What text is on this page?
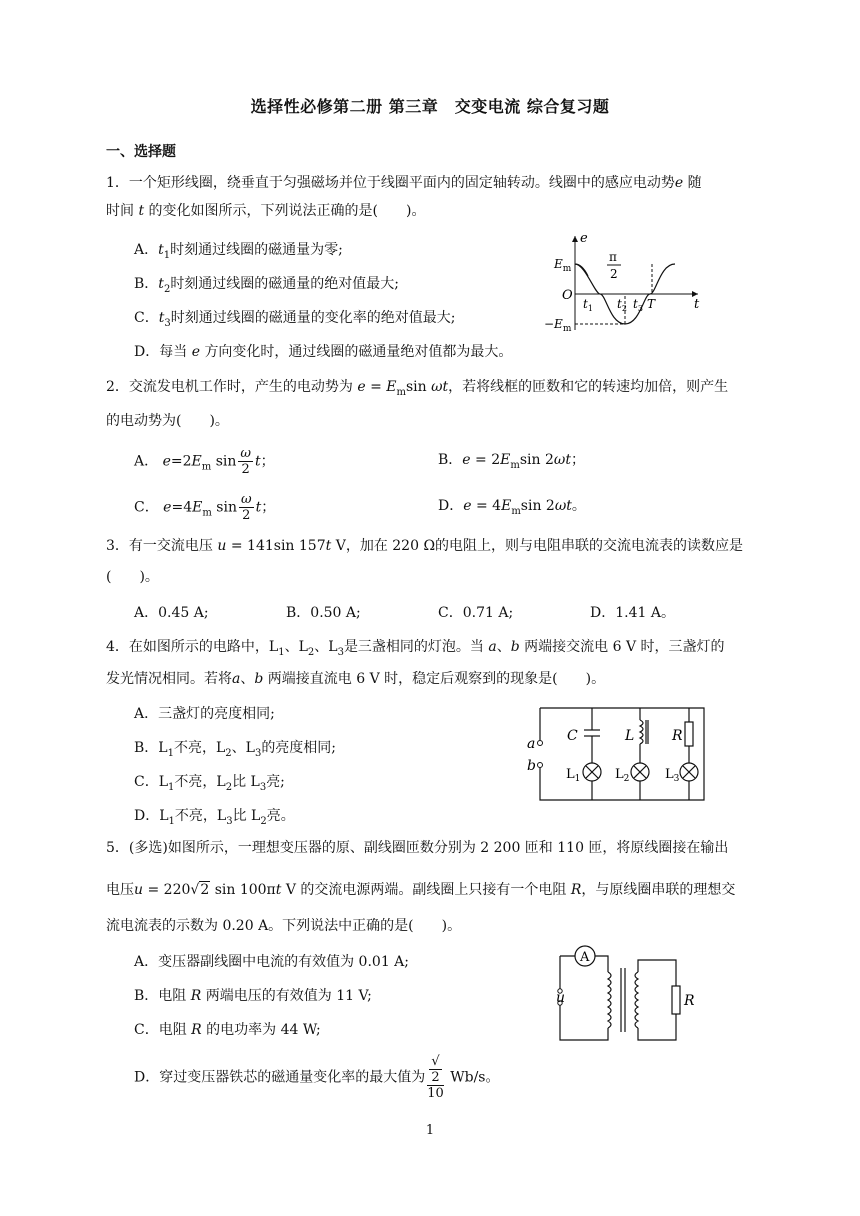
选择性必修第二册 第三章　交变电流 综合复习题
一、选择题
1．一个矩形线圈，绕垂直于匀强磁场并位于线圈平面内的固定轴转动。线圈中的感应电动势e 随
时间 t 的变化如图所示，下列说法正确的是(　　)。
A．$t_1$时刻通过线圈的磁通量为零;
B．$t_2$时刻通过线圈的磁通量的绝对值最大;
C．$t_3$时刻通过线圈的磁通量的变化率的绝对值最大;
D．每当 e 方向变化时，通过线圈的磁通量绝对值都为最大。
e
t
O
$E_m$
$-E_m$
π
2
$t_1$ $t_2$ $t_3$ T
2．交流发电机工作时，产生的电动势为 $e = E_m\sin$ ωt，若将线框的匝数和它的转速均加倍，则产生
的电动势为(　　)。
A． $e=2E_m$ $\sin \frac{\omega}{2}$ t；	B．$e = 2E_m\sin$ 2ωt；
C． $e=4E_m$ $\sin \frac{\omega}{2}$ t；	D．$e = 4E_m\sin$ 2ωt。
3．有一交流电压 u = 141sin 157t V，加在 220 Ω的电阻上，则与电阻串联的交流电流表的读数应是
(　　)。
A．0.45 A;	B．0.50 A;	C．0.71 A;	D．1.41 A。
4．在如图所示的电路中，$L_1$、$L_2$、$L_3$是三盏相同的灯泡。当 a、b 两端接交流电 6 V 时，三盏灯的
发光情况相同。若将a、b 两端接直流电 6 V 时，稳定后观察到的现象是(　　)。
A．三盏灯的亮度相同;
B．$L_1$不亮，$L_2$、$L_3$的亮度相同;
C．$L_1$不亮，$L_2$比 $L_3$亮;
D．$L_1$不亮，$L_3$比 $L_2$亮。
a
b
C	L	R
$L_1$	$L_2$	$L_3$
5．(多选)如图所示，一理想变压器的原、副线圈匝数分别为 2 200 匝和 110 匝，将原线圈接在输出
电压u = 220√2 sin 100πt V 的交流电源两端。副线圈上只接有一个电阻 R，与原线圈串联的理想交
流电流表的示数为 0.20 A。下列说法中正确的是(　　)。
A．变压器副线圈中电流的有效值为 0.01 A;
B．电阻 R 两端电压的有效值为 11 V;
C．电阻 R 的电功率为 44 W;
D．穿过变压器铁芯的磁通量变化率的最大值为 √
2
10 Wb/s。
A
u	R
1
